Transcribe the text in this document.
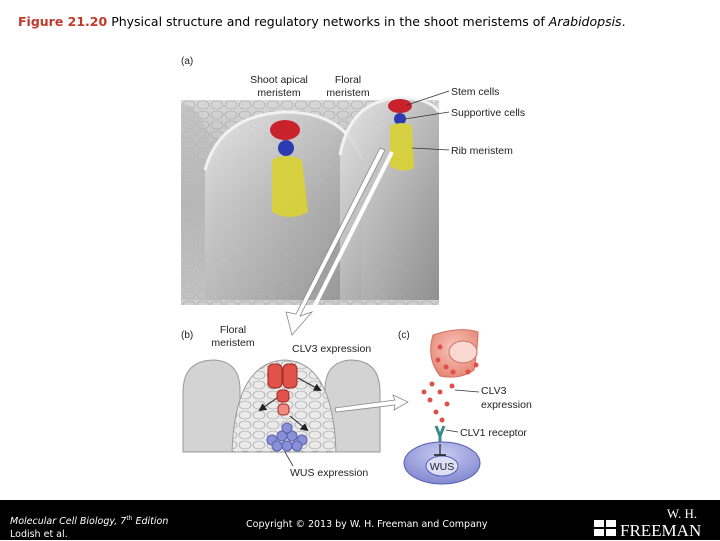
Figure 21.20 Physical structure and regulatory networks in the shoot meristems of Arabidopsis.
(a)
Shoot apical
meristem
Floral
meristem	Stem cells
Supportive cells
Rib meristem
(b)	Floral
meristem	CLV3 expression
WUS expression
(c)
CLV3
expression
CLV1 receptor
WUS
Molecular Cell Biology, 7th Edition
Lodish et al.
Copyright © 2013 by W. H. Freeman and Company
W. H.
FREEMAN
